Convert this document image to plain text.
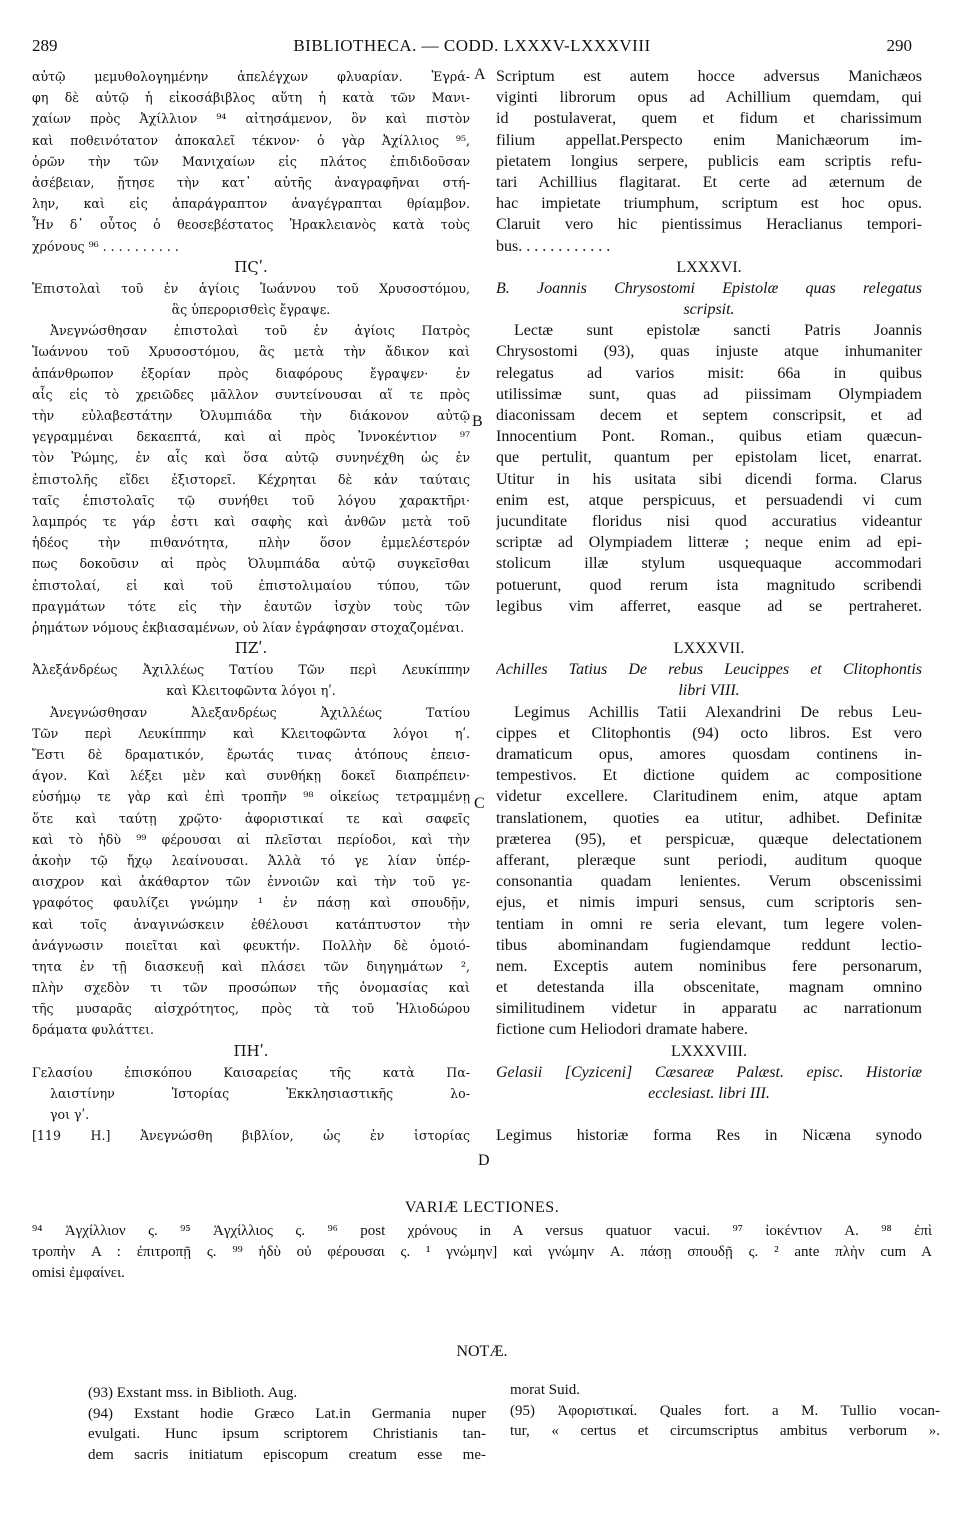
289	BIBLIOTHECA. — CODD. LXXXV-LXXXVIII	290
αὐτῷ μεμυθολογημένην ἀπελέγχων φλυαρίαν. Ἐγρά-
φη δὲ αὐτῷ ἡ εἰκοσάβιβλος αὕτη ἡ κατὰ τῶν Μανι-
χαίων πρὸς Ἀχίλλιον ⁹⁴ αἰτησάμενον, ὃν καὶ πιστὸν
καὶ ποθεινότατον ἀποκαλεῖ τέκνον· ὁ γὰρ Ἀχίλλιος ⁹⁵,
ὁρῶν τὴν τῶν Μανιχαίων εἰς πλάτος ἐπιδιδοῦσαν
ἀσέβειαν, ᾔτησε τὴν κατ᾽ αὐτῆς ἀναγραφῆναι στή-
λην, καὶ εἰς ἀπαράγραπτον ἀναγέγραπται θρίαμβον.
Ἦν δ᾽ οὗτος ὁ θεοσεβέστατος Ἡρακλειανὸς κατὰ τοὺς
χρόνους ⁹⁶ . . . . . . . . . .
ΠϚʹ.
Ἐπιστολαὶ τοῦ ἐν ἁγίοις Ἰωάννου τοῦ Χρυσοστόμου,
ἃς ὑπερορισθεὶς ἔγραψε.
Ἀνεγνώσθησαν ἐπιστολαὶ τοῦ ἐν ἁγίοις Πατρὸς
Ἰωάννου τοῦ Χρυσοστόμου, ἃς μετὰ τὴν ἄδικον καὶ
ἀπάνθρωπον ἐξορίαν πρὸς διαφόρους ἔγραψεν· ἐν
αἷς εἰς τὸ χρειῶδες μᾶλλον συντείνουσαι αἵ τε πρὸς
τὴν εὐλαβεστάτην Ὀλυμπιάδα τὴν διάκονον αὐτῷ
γεγραμμέναι δεκαεπτά, καὶ αἱ πρὸς Ἰννοκέντιον ⁹⁷
τὸν Ῥώμης, ἐν αἷς καὶ ὅσα αὐτῷ συνηνέχθη ὡς ἐν
ἐπιστολῆς εἴδει ἐξιστορεῖ. Κέχρηται δὲ κἀν ταύταις
ταῖς ἐπιστολαῖς τῷ συνήθει τοῦ λόγου χαρακτῆρι·
λαμπρός τε γάρ ἐστι καὶ σαφὴς καὶ ἀνθῶν μετὰ τοῦ
ἡδέος τὴν πιθανότητα, πλὴν ὅσον ἐμμελέστερόν
πως δοκοῦσιν αἱ πρὸς Ὀλυμπιάδα αὐτῷ συγκεῖσθαι
ἐπιστολαί, εἰ καὶ τοῦ ἐπιστολιμαίου τύπου, τῶν
πραγμάτων τότε εἰς τὴν ἑαυτῶν ἰσχὺν τοὺς τῶν
ῥημάτων νόμους ἐκβιασαμένων, οὐ λίαν ἐγράφησαν στοχαζομέναι.
ΠΖʹ.
Ἀλεξάνδρέως Ἀχιλλέως Τατίου Τῶν περὶ Λευκίππην
καὶ Κλειτοφῶντα λόγοι ηʹ.
Ἀνεγνώσθησαν Ἀλεξανδρέως Ἀχιλλέως Τατίου
Τῶν περὶ Λευκίππην καὶ Κλειτοφῶντα λόγοι ηʹ.
Ἔστι δὲ δραματικόν, ἔρωτάς τινας ἀτόπους ἐπεισ-
άγον. Καὶ λέξει μὲν καὶ συνθήκῃ δοκεῖ διαπρέπειν·
εὐσήμῳ τε γὰρ καὶ ἐπὶ τροπῆν ⁹⁸ οἰκείως τετραμμένῃ
ὅτε καὶ ταύτῃ χρῷτο· ἀφοριστικαί τε καὶ σαφεῖς
καὶ τὸ ἡδὺ ⁹⁹ φέρουσαι αἱ πλεῖσται περίοδοι, καὶ τὴν
ἀκοὴν τῷ ἤχῳ λεαίνουσαι. Ἀλλὰ τό γε λίαν ὑπέρ-
αισχρον καὶ ἀκάθαρτον τῶν ἐννοιῶν καὶ τὴν τοῦ γε-
γραφότος φαυλίζει γνώμην ¹ ἐν πάσῃ καὶ σπουδῇν,
καὶ τοῖς ἀναγινώσκειν ἐθέλουσι κατάπτυστον τὴν
ἀνάγνωσιν ποιεῖται καὶ φευκτήν. Πολλὴν δὲ ὁμοιό-
τητα ἐν τῇ διασκευῇ καὶ πλάσει τῶν διηγημάτων ²,
πλὴν σχεδὸν τι τῶν προσώπων τῆς ὀνομασίας καὶ
τῆς μυσαρᾶς αἰσχρότητος, πρὸς τὰ τοῦ Ἡλιοδώρου
δράματα φυλάττει.
ΠΗʹ.
Γελασίου ἐπισκόπου Καισαρείας τῆς κατὰ Πα-
λαιστίνην Ἱστορίας Ἐκκλησιαστικῆς λο-
γοι γʹ.
[119 H.] Ἀνεγνώσθη βιβλίον, ὡς ἐν ἱστορίας
Scriptum est autem hocce adversus Manichæos
viginti librorum opus ad Achillium quemdam, qui
id postulaverat, quem et fidum et charissimum
filium appellat.Perspecto enim Manichæorum im-
pietatem longius serpere, publicis eam scriptis refu-
tari Achillius flagitarat. Et certe ad æternum de
hac impietate triumphum, scriptum est hoc opus.
Claruit vero hic pientissimus Heraclianus tempori-
bus. . . . . . . . . . . .
LXXXVI.
B. Joannis Chrysostomi Epistolæ quas relegatus
scripsit.
Lectæ sunt epistolæ sancti Patris Joannis
Chrysostomi (93), quas injuste atque inhumaniter
relegatus ad varios misit: 66a in quibus
utilissimæ sunt, quas ad piissimam Olympiadem
diaconissam decem et septem conscripsit, et ad
Innocentium Pont. Roman., quibus etiam quæcun-
que pertulit, quantum per epistolam licet, enarrat.
Utitur in his usitata sibi dicendi forma. Clarus
enim est, atque perspicuus, et persuadendi vi cum
jucunditate floridus nisi quod accuratius videantur
scriptæ ad Olympiadem litteræ ; neque enim ad epi-
stolicum illæ stylum usquequaque accommodari
potuerunt, quod rerum ista magnitudo scribendi
legibus vim afferret, easque ad se pertraheret.
LXXXVII.
Achilles Tatius De rebus Leucippes et Clitophontis
libri VIII.
Legimus Achillis Tatii Alexandrini De rebus Leu-
cippes et Clitophontis (94) octo libros. Est vero
dramaticum opus, amores quosdam continens in-
tempestivos. Et dictione quidem ac compositione
videtur excellere. Claritudinem enim, atque aptam
translationem, quoties ea utitur, adhibet. Definitæ
præterea (95), et perspicuæ, quæque delectationem
afferant, pleræque sunt periodi, auditum quoque
consonantia quadam lenientes. Verum obscenissimi
ejus, et nimis impuri sensus, cum scriptoris sen-
tentiam in omni re seria elevant, tum legere volen-
tibus abominandam fugiendamque reddunt lectio-
nem. Exceptis autem nominibus fere personarum,
et detestanda illa obscenitate, magnam omnino
similitudinem videtur in apparatu ac narrationum
fictione cum Heliodori dramate habere.
LXXXVIII.
Gelasii [Cyziceni] Cæsareæ Palæst. episc. Historiæ
ecclesiast. libri III.
Legimus historiæ forma Res in Nicæna synodo
A
B
C
D
VARIÆ LECTIONES.
⁹⁴ Ἀγχίλλιον ς. ⁹⁵ Ἀγχίλλιος ς. ⁹⁶ post χρόνους in A versus quatuor vacui. ⁹⁷ ἰοκέντιον A. ⁹⁸ ἐπὶ
τροπὴν A : ἐπιτροπῇ ς. ⁹⁹ ἡδὺ οὐ φέρουσαι ς. ¹ γνώμην] καὶ γνώμην A. πάσῃ σπουδῇ ς. ² ante πλὴν cum A
omisi ἐμφαίνει.
NOTÆ.
(93) Exstant mss. in Biblioth. Aug.
(94) Exstant hodie Græco Lat.in Germania nuper
evulgati. Hunc ipsum scriptorem Christianis tan-
dem sacris initiatum episcopum creatum esse me-
morat Suid.
(95) Ἀφοριστικαί. Quales fort. a M. Tullio vocan-
tur, « certus et circumscriptus ambitus verborum ».
